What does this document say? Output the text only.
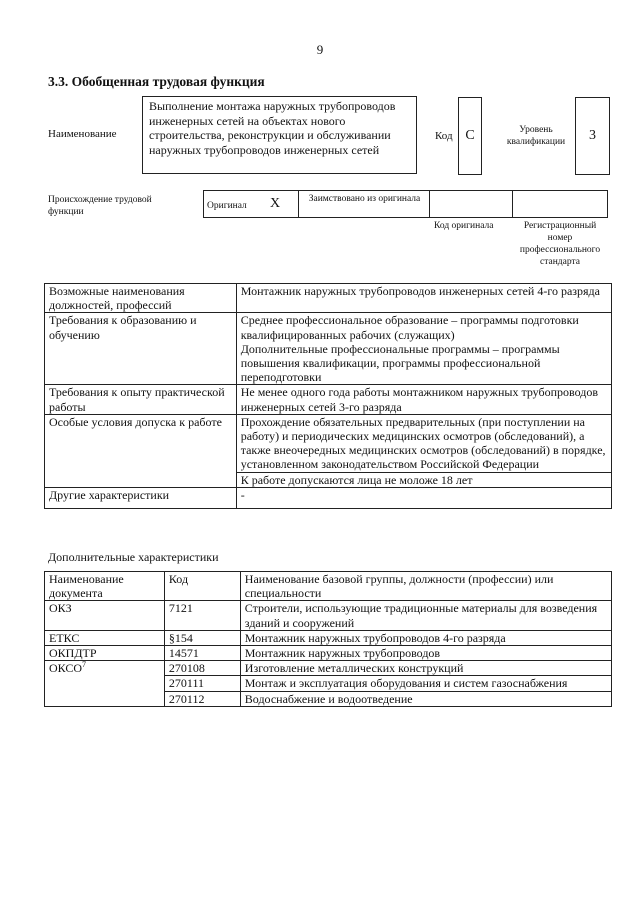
9
3.3. Обобщенная трудовая функция
Наименование
Выполнение монтажа наружных трубопроводов инженерных сетей на объектах нового строительства, реконструкции и обслуживании наружных трубопроводов инженерных сетей
Код C	Уровень квалификации	3
Происхождение трудовой функции
Оригинал X	Заимствовано из оригинала
Код оригинала	Регистрационный номер профессионального стандарта
Возможные наименования должностей, профессий	Монтажник наружных трубопроводов инженерных сетей 4-го разряда
Требования к образованию и обучению	Среднее профессиональное образование – программы подготовки квалифицированных рабочих (служащих)
Дополнительные профессиональные программы – программы повышения квалификации, программы профессиональной переподготовки

Требования к опыту практической работы	Не менее одного года работы монтажником наружных трубопроводов инженерных сетей 3-го разряда
Особые условия допуска к работе	Прохождение обязательных предварительных (при поступлении на работу) и периодических медицинских осмотров (обследований), а также внеочередных медицинских осмотров (обследований) в порядке, установленном законодательством Российской Федерации
	К работе допускаются лица не моложе 18 лет
Другие характеристики	-
Дополнительные характеристики
Наименование документа	Код	Наименование базовой группы, должности (профессии) или специальности
ОКЗ	7121	Строители, использующие традиционные материалы для возведения зданий и сооружений
ЕТКС	§154	Монтажник наружных трубопроводов 4-го разряда
ОКПДТР	14571	Монтажник наружных трубопроводов
ОКСО$^7$	270108	Изготовление металлических конструкций
	270111	Монтаж и эксплуатация оборудования и систем газоснабжения
	270112	Водоснабжение и водоотведение
